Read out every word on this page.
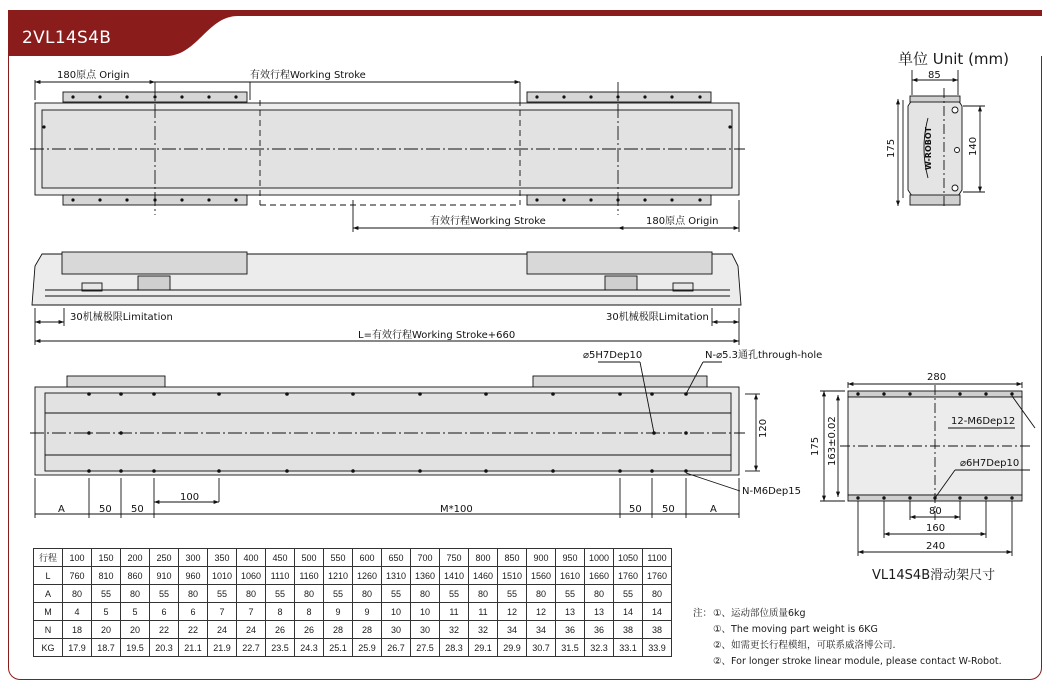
2VL14S4B
单位 Unit (mm)
180原点 Origin	有效行程Working Stroke
有效行程Working Stroke	180原点 Origin
85
175	140
W-ROBOT
30机械极限Limitation	30机械极限Limitation
L=有效行程Working Stroke+660
⌀5H7Dep10	N-⌀5.3通孔through-hole
N-M6Dep15
120
100
A	50 50	M*100	50 50	A
280
175 163±0.02	12-M6Dep12
⌀6H7Dep10
80
160
240
VL14S4B滑动架尺寸
行程	100	150	200	250	300	350	400	450	500	550	600	650	700	750	800	850	900	950	1000	1050	1100
L	760	810	860	910	960	1010	1060	1110	1160	1210	1260	1310	1360	1410	1460	1510	1560	1610	1660	1760	1760
A	80	55	80	55	80	55	80	55	80	55	80	55	80	55	80	55	80	55	80	55	80
M	4	5	5	6	6	7	7	8	8	9	9	10	10	11	11	12	12	13	13	14	14
N	18	20	20	22	22	24	24	26	26	28	28	30	30	32	32	34	34	36	36	38	38
KG	17.9	18.7	19.5	20.3	21.1	21.9	22.7	23.5	24.3	25.1	25.9	26.7	27.5	28.3	29.1	29.9	30.7	31.5	32.3	33.1	33.9
注： ①、运动部位质量6kg
①、The moving part weight is 6KG
②、如需更长行程模组，可联系威洛博公司.
②、For longer stroke linear module, please contact W-Robot.
